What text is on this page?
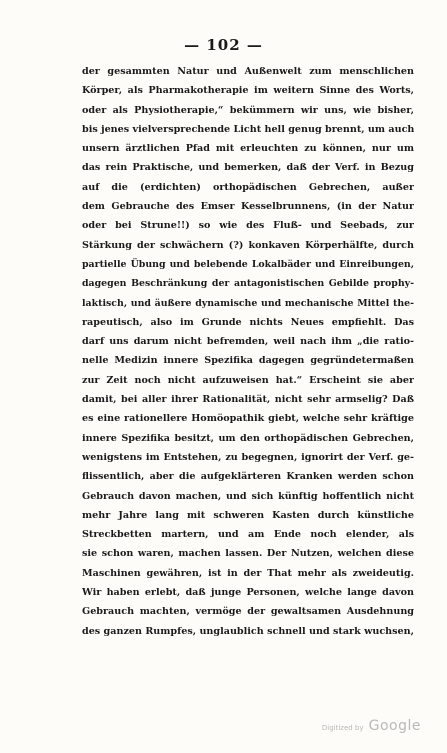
— 102 —
der gesammten Natur und Außenwelt zum menschlichen
Körper, als Pharmakotherapie im weitern Sinne des Worts,
oder als Physiotherapie,“ bekümmern wir uns, wie bisher,
bis jenes vielversprechende Licht hell genug brennt, um auch
unsern ärztlichen Pfad mit erleuchten zu können, nur um
das rein Praktische, und bemerken, daß der Verf. in Bezug
auf die (erdichten) orthopädischen Gebrechen, außer
dem Gebrauche des Emser Kesselbrunnens, (in der Natur
oder bei Strune!!) so wie des Fluß- und Seebads, zur
Stärkung der schwächern (?) konkaven Körperhälfte, durch
partielle Übung und belebende Lokalbäder und Einreibungen,
dagegen Beschränkung der antagonistischen Gebilde prophy-
laktisch, und äußere dynamische und mechanische Mittel the-
rapeutisch, also im Grunde nichts Neues empfiehlt. Das
darf uns darum nicht befremden, weil nach ihm „die ratio-
nelle Medizin innere Spezifika dagegen gegründetermaßen
zur Zeit noch nicht aufzuweisen hat.“ Erscheint sie aber
damit, bei aller ihrer Rationalität, nicht sehr armselig? Daß
es eine rationellere Homöopathik giebt, welche sehr kräftige
innere Spezifika besitzt, um den orthopädischen Gebrechen,
wenigstens im Entstehen, zu begegnen, ignorirt der Verf. ge-
flissentlich, aber die aufgeklärteren Kranken werden schon
Gebrauch davon machen, und sich künftig hoffentlich nicht
mehr Jahre lang mit schweren Kasten durch künstliche
Streckbetten martern, und am Ende noch elender, als
sie schon waren, machen lassen. Der Nutzen, welchen diese
Maschinen gewähren, ist in der That mehr als zweideutig.
Wir haben erlebt, daß junge Personen, welche lange davon
Gebrauch machten, vermöge der gewaltsamen Ausdehnung
des ganzen Rumpfes, unglaublich schnell und stark wuchsen,
Digitized by Google
